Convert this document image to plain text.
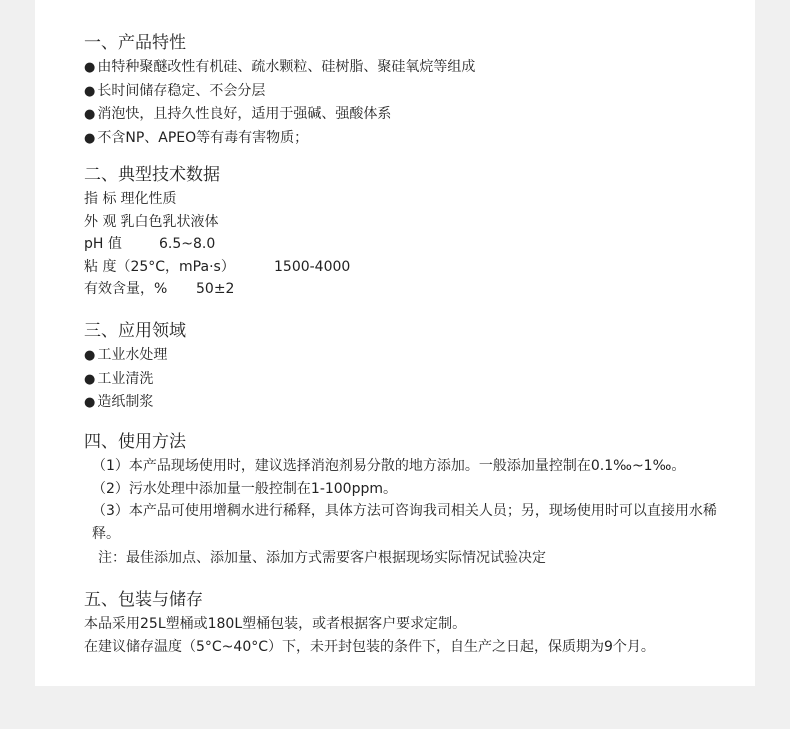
一、产品特性
● 由特种聚醚改性有机硅、疏水颗粒、硅树脂、聚硅氧烷等组成
● 长时间储存稳定、不会分层
● 消泡快，且持久性良好，适用于强碱、强酸体系
● 不含NP、APEO等有毒有害物质；
二、典型技术数据
指 标 理化性质
外 观 乳白色乳状液体
pH 值	6.5~8.0
粘 度（25°C，mPa·s）	1500-4000
有效含量，% 50±2
三、应用领域
● 工业水处理
● 工业清洗
● 造纸制浆
四、使用方法
（1）本产品现场使用时，建议选择消泡剂易分散的地方添加。一般添加量控制在0.1‰~1‰。
（2）污水处理中添加量一般控制在1-100ppm。
（3）本产品可使用增稠水进行稀释，具体方法可咨询我司相关人员；另，现场使用时可以直接用水稀释。
注：最佳添加点、添加量、添加方式需要客户根据现场实际情况试验决定
五、包装与储存
本品采用25L塑桶或180L塑桶包装，或者根据客户要求定制。
在建议储存温度（5°C~40°C）下，未开封包装的条件下，自生产之日起，保质期为9个月。
